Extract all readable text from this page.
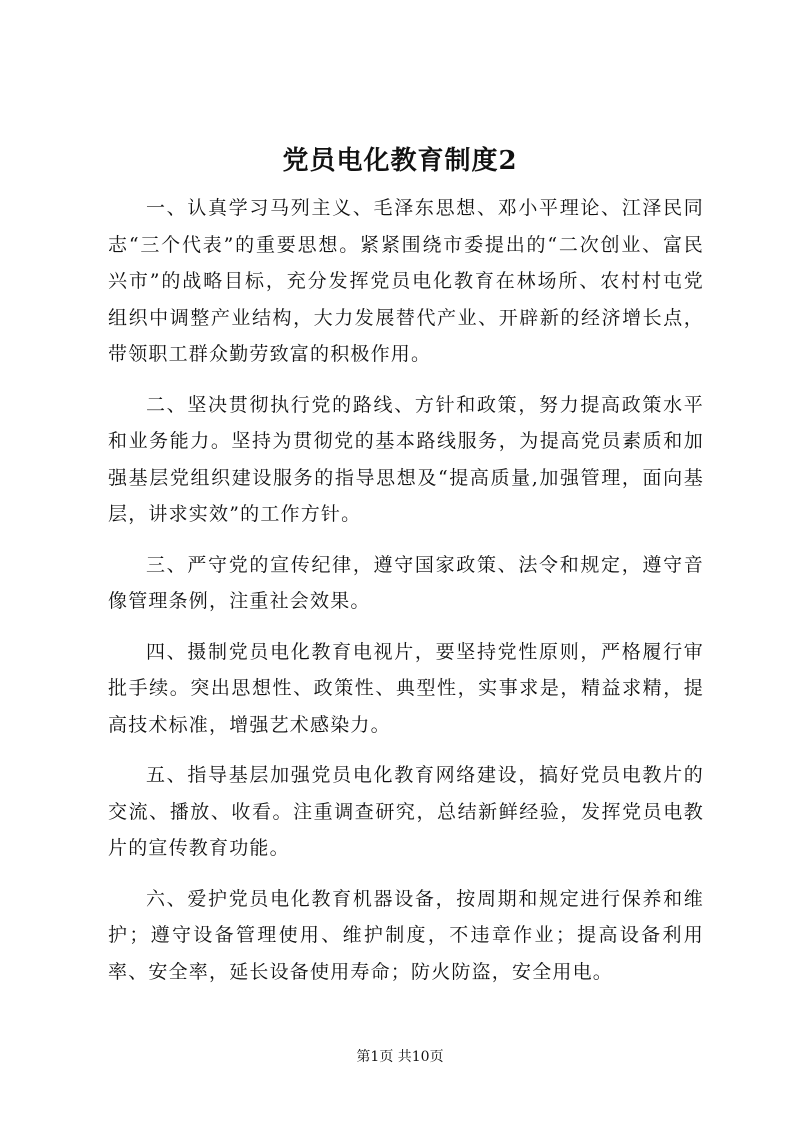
党员电化教育制度2

一、认真学习马列主义、毛泽东思想、邓小平理论、江泽民同志“三个代表”的重要思想。紧紧围绕市委提出的“二次创业、富民兴市”的战略目标，充分发挥党员电化教育在林场所、农村村屯党组织中调整产业结构，大力发展替代产业、开辟新的经济增长点，带领职工群众勤劳致富的积极作用。

二、坚决贯彻执行党的路线、方针和政策，努力提高政策水平和业务能力。坚持为贯彻党的基本路线服务，为提高党员素质和加强基层党组织建设服务的指导思想及“提高质量,加强管理，面向基层，讲求实效”的工作方针。

三、严守党的宣传纪律，遵守国家政策、法令和规定，遵守音像管理条例，注重社会效果。

四、摄制党员电化教育电视片，要坚持党性原则，严格履行审批手续。突出思想性、政策性、典型性，实事求是，精益求精，提高技术标准，增强艺术感染力。

五、指导基层加强党员电化教育网络建设，搞好党员电教片的交流、播放、收看。注重调查研究，总结新鲜经验，发挥党员电教片的宣传教育功能。

六、爱护党员电化教育机器设备，按周期和规定进行保养和维护；遵守设备管理使用、维护制度，不违章作业；提高设备利用率、安全率，延长设备使用寿命；防火防盗，安全用电。

第1页 共10页
